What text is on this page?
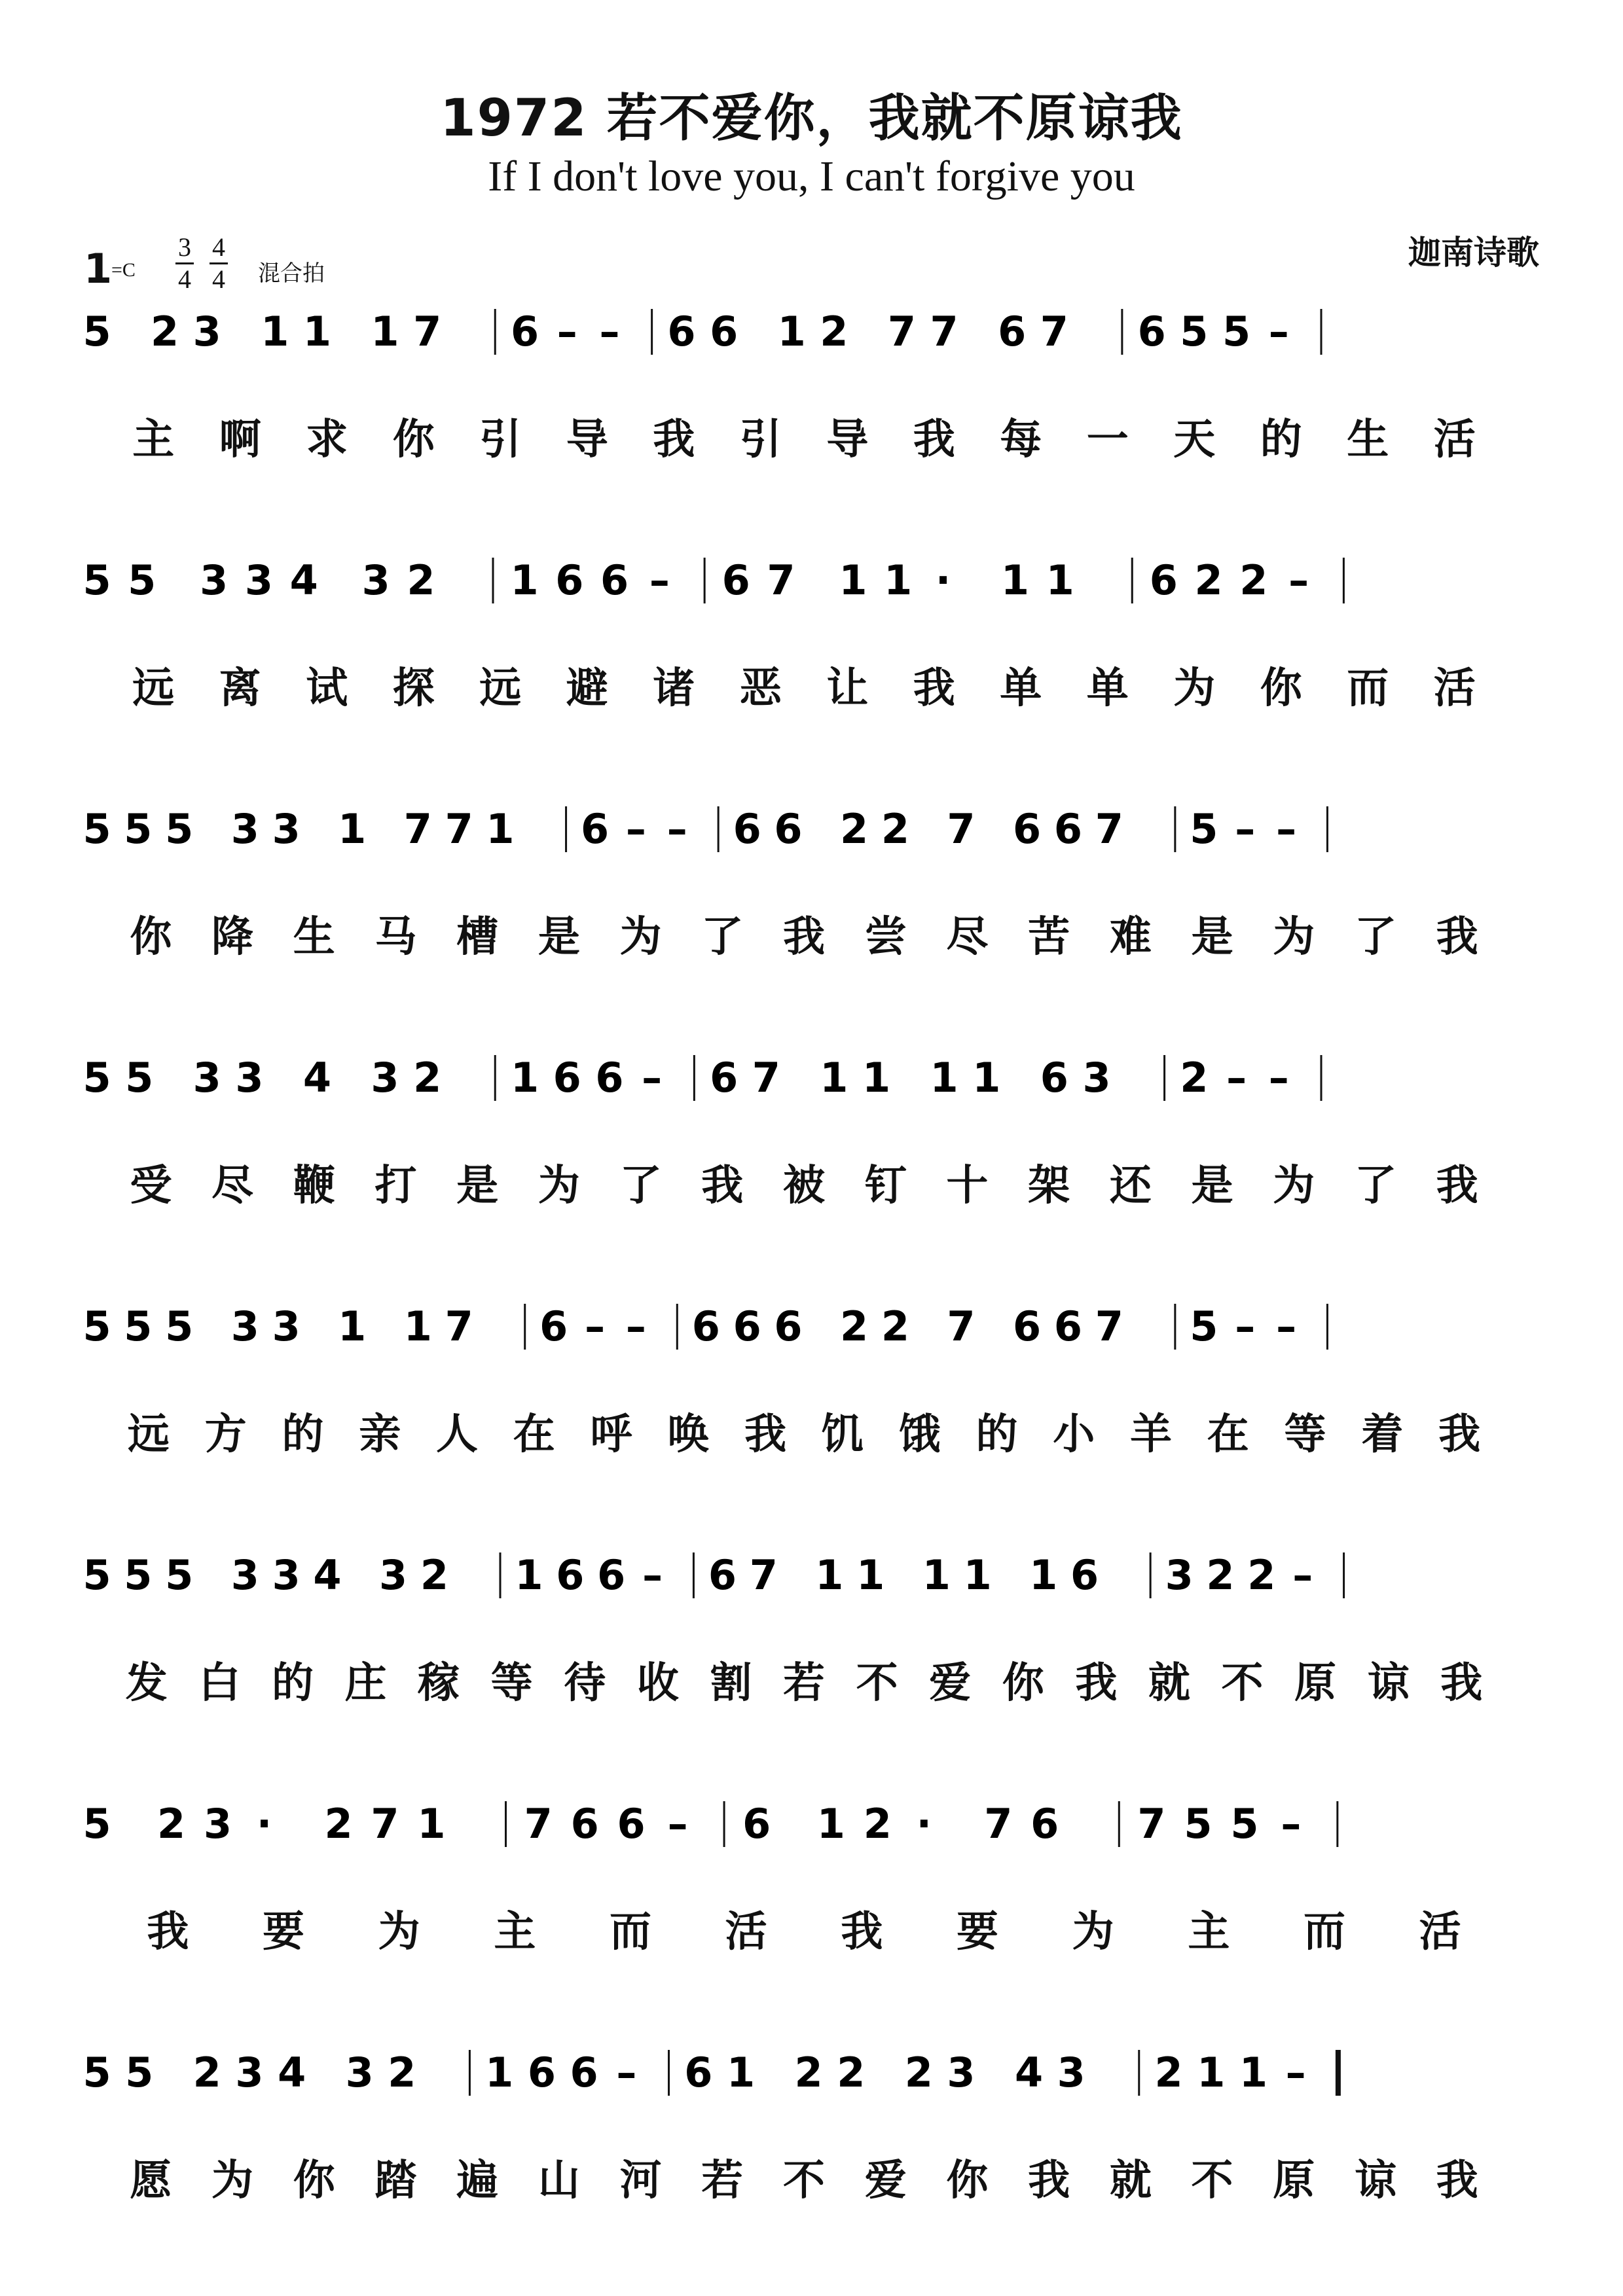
1972 若不爱你，我就不原谅我
If I don't love you, I can't forgive you
1
=C
3
4
4
4 混合拍
迦南诗歌
5 2 3 1 1 1 7 6 – – 6 6 1 2 7 7 6 7 6 5 5 –
主 啊 求 你 引 导 我 引 导 我 每 一 天 的 生 活
5 5 3 3 4 3 2 1 6 6 – 6 7 1 1 · 1 1 6 2 2 –
远 离 试 探 远 避 诸 恶 让 我 单 单 为 你 而 活
5 5 5 3 3 1 7 7 1 6 – – 6 6 2 2 7 6 6 7 5 – –
你 降 生 马 槽 是 为 了 我 尝 尽 苦 难 是 为 了 我
5 5 3 3 4 3 2 1 6 6 – 6 7 1 1 1 1 6 3 2 – –
受 尽 鞭 打 是 为 了 我 被 钉 十 架 还 是 为 了 我
5 5 5 3 3 1 1 7 6 – – 6 6 6 2 2 7 6 6 7 5 – –
远 方 的 亲 人 在 呼 唤 我 饥 饿 的 小 羊 在 等 着 我
5 5 5 3 3 4 3 2 1 6 6 – 6 7 1 1 1 1 1 6 3 2 2 –
发 白 的 庄 稼 等 待 收 割 若 不 爱 你 我 就 不 原 谅 我
5 2 3 · 2 7 1 7 6 6 – 6 1 2 · 7 6 7 5 5 –
我 要 为 主 而 活 我 要 为 主 而 活
5 5 2 3 4 3 2 1 6 6 – 6 1 2 2 2 3 4 3 2 1 1 –
愿 为 你 踏 遍 山 河 若 不 爱 你 我 就 不 原 谅 我
